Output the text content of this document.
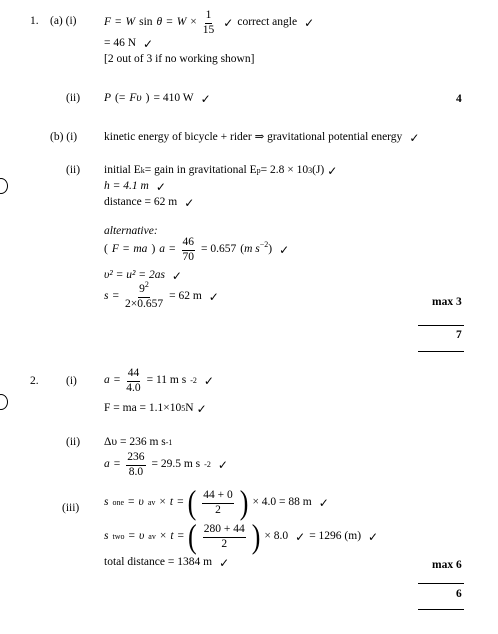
1. (a) (i) F = W $\sin \theta = W \times \frac{1}{15}$ ✓ correct angle ✓
= 46 N ✓
[2 out of 3 if no working shown]
(ii) P (= Fυ ) = 410 W ✓	4
(b) (i) kinetic energy of bicycle + rider ⇒ gravitational potential energy ✓
(ii) initial E k = gain in gravitational E p = 2.8 × 10 3 (J) ✓
h = 4.1 m ✓
distance = 62 m ✓
alternative:
( F = ma ) $a = \frac{46}{70} = 0.657$ (m $s^{-2}$) ✓
υ² = u² = 2as ✓
$s = \frac{9^2}{2\times 0.657} = 62$ m ✓	max 3
7
2. (i) $a = \frac{44}{4.0} = 11$ m s -2 ✓
F = ma = 1.1×10 5 N ✓
(ii) Δυ = 236 m s -1
$a = \frac{236}{8.0} = 29.5$ m s -2 ✓
(iii) s one = υ av × t = ( $\frac{44 + 0}{2}$ ) × 4.0 = 88 m ✓
s two = υ av × t = ( $\frac{280 + 44}{2}$ ) × 8.0 ✓ = 1296 (m) ✓
total distance = 1384 m ✓	max 6
6
